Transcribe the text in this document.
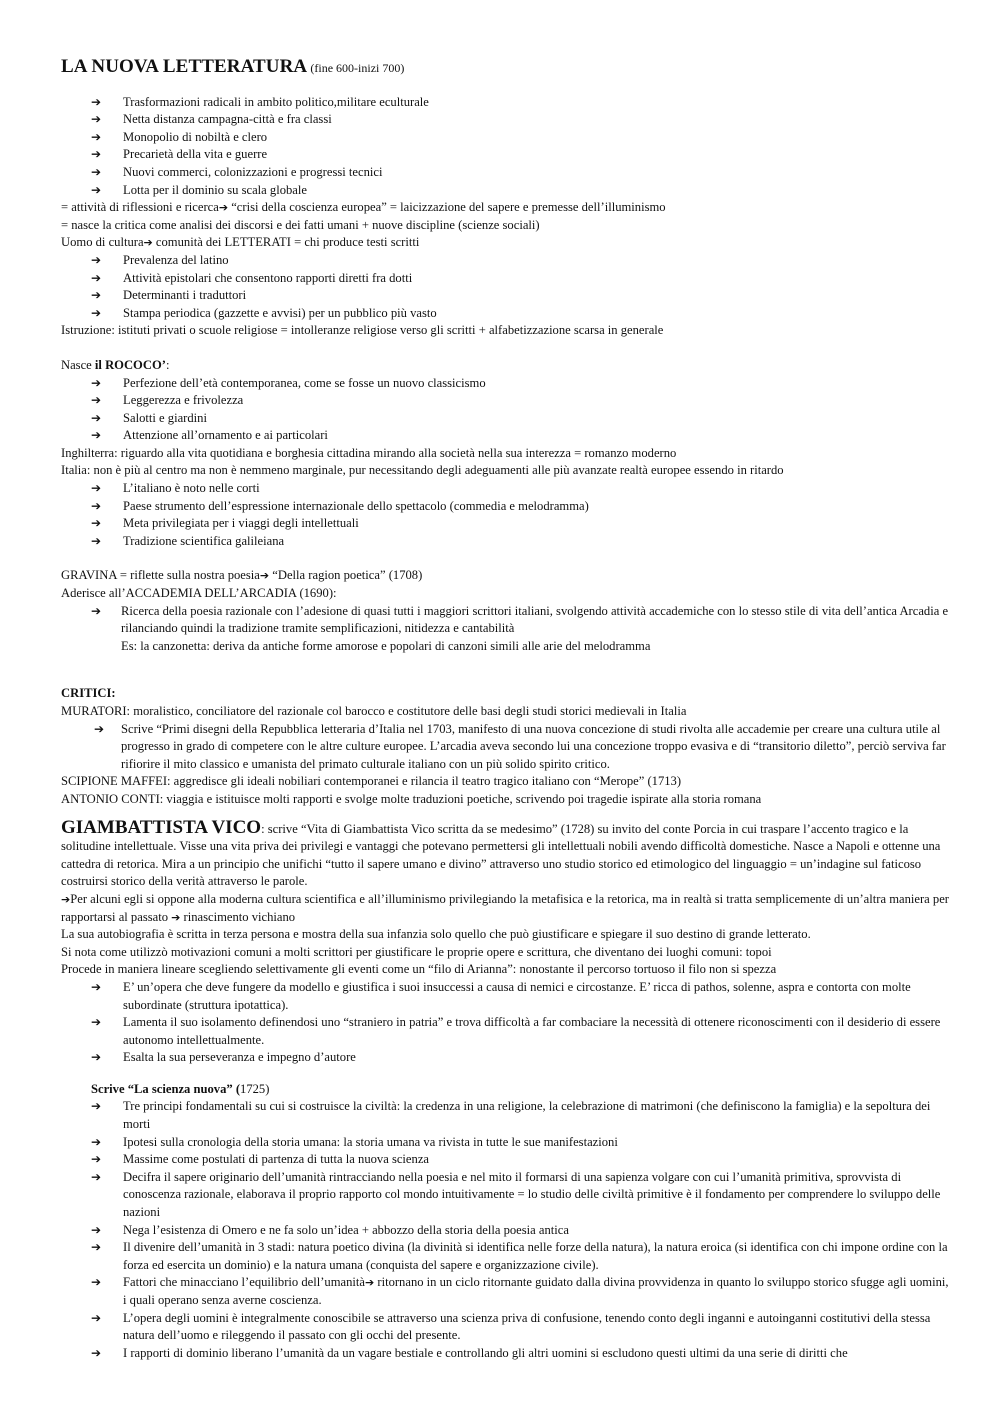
LA NUOVA LETTERATURA (fine 600-inizi 700)
➔ Trasformazioni radicali in ambito politico,militare eculturale
➔ Netta distanza campagna-città e fra classi
➔ Monopolio di nobiltà e clero
➔ Precarietà della vita e guerre
➔ Nuovi commerci, colonizzazioni e progressi tecnici
➔ Lotta per il dominio su scala globale

= attività di riflessioni e ricerca➔ “crisi della coscienza europea” = laicizzazione del sapere e premesse dell’illuminismo

= nasce la critica come analisi dei discorsi e dei fatti umani + nuove discipline (scienze sociali)

Uomo di cultura➔ comunità dei LETTERATI = chi produce testi scritti

➔ Prevalenza del latino
➔ Attività epistolari che consentono rapporti diretti fra dotti
➔ Determinanti i traduttori
➔ Stampa periodica (gazzette e avvisi) per un pubblico più vasto

Istruzione: istituti privati o scuole religiose = intolleranze religiose verso gli scritti + alfabetizzazione scarsa in generale

Nasce il ROCOCO’:

➔ Perfezione dell’età contemporanea, come se fosse un nuovo classicismo
➔ Leggerezza e frivolezza
➔ Salotti e giardini
➔ Attenzione all’ornamento e ai particolari

Inghilterra: riguardo alla vita quotidiana e borghesia cittadina mirando alla società nella sua interezza = romanzo moderno

Italia: non è più al centro ma non è nemmeno marginale, pur necessitando degli adeguamenti alle più avanzate realtà europee essendo in ritardo

➔ L’italiano è noto nelle corti
➔ Paese strumento dell’espressione internazionale dello spettacolo (commedia e melodramma)
➔ Meta privilegiata per i viaggi degli intellettuali
➔ Tradizione scientifica galileiana

GRAVINA = riflette sulla nostra poesia➔ “Della ragion poetica” (1708)

Aderisce all’ACCADEMIA DELL’ARCADIA (1690):

➔ Ricerca della poesia razionale con l’adesione di quasi tutti i maggiori scrittori italiani, svolgendo attività accademiche con lo stesso stile di vita dell’antica Arcadia e rilanciando quindi la tradizione tramite semplificazioni, nitidezza e cantabilità

Es: la canzonetta: deriva da antiche forme amorose e popolari di canzoni simili alle arie del melodramma

CRITICI:

MURATORI: moralistico, conciliatore del razionale col barocco e costitutore delle basi degli studi storici medievali in Italia

➔ Scrive “Primi disegni della Repubblica letteraria d’Italia nel 1703, manifesto di una nuova concezione di studi rivolta alle accademie per creare una cultura utile al progresso in grado di competere con le altre culture europee. L’arcadia aveva secondo lui una concezione troppo evasiva e di “transitorio diletto”, perciò serviva far rifiorire il mito classico e umanista del primato culturale italiano con un più solido spirito critico.

SCIPIONE MAFFEI: aggredisce gli ideali nobiliari contemporanei e rilancia il teatro tragico italiano con “Merope” (1713)

ANTONIO CONTI: viaggia e istituisce molti rapporti e svolge molte traduzioni poetiche, scrivendo poi tragedie ispirate alla storia romana

GIAMBATTISTA VICO: scrive “Vita di Giambattista Vico scritta da se medesimo” (1728) su invito del conte Porcia in cui traspare l’accento tragico e la solitudine intellettuale. Visse una vita priva dei privilegi e vantaggi che potevano permettersi gli intellettuali nobili avendo difficoltà domestiche. Nasce a Napoli e ottenne una cattedra di retorica. Mira a un principio che unifichi “tutto il sapere umano e divino” attraverso uno studio storico ed etimologico del linguaggio = un’indagine sul faticoso costruirsi storico della verità attraverso le parole.

➔Per alcuni egli si oppone alla moderna cultura scientifica e all’illuminismo privilegiando la metafisica e la retorica, ma in realtà si tratta semplicemente di un’altra maniera per rapportarsi al passato ➔ rinascimento vichiano

La sua autobiografia è scritta in terza persona e mostra della sua infanzia solo quello che può giustificare e spiegare il suo destino di grande letterato.

Si nota come utilizzò motivazioni comuni a molti scrittori per giustificare le proprie opere e scrittura, che diventano dei luoghi comuni: topoi

Procede in maniera lineare scegliendo selettivamente gli eventi come un “filo di Arianna”: nonostante il percorso tortuoso il filo non si spezza

➔ E’ un’opera che deve fungere da modello e giustifica i suoi insuccessi a causa di nemici e circostanze. E’ ricca di pathos, solenne, aspra e contorta con molte subordinate (struttura ipotattica).
➔ Lamenta il suo isolamento definendosi uno “straniero in patria” e trova difficoltà a far combaciare la necessità di ottenere riconoscimenti con il desiderio di essere autonomo intellettualmente.
➔ Esalta la sua perseveranza e impegno d’autore

Scrive “La scienza nuova” (1725)

➔ Tre principi fondamentali su cui si costruisce la civiltà: la credenza in una religione, la celebrazione di matrimoni (che definiscono la famiglia) e la sepoltura dei morti
➔ Ipotesi sulla cronologia della storia umana: la storia umana va rivista in tutte le sue manifestazioni
➔ Massime come postulati di partenza di tutta la nuova scienza
➔ Decifra il sapere originario dell’umanità rintracciando nella poesia e nel mito il formarsi di una sapienza volgare con cui l’umanità primitiva, sprovvista di conoscenza razionale, elaborava il proprio rapporto col mondo intuitivamente = lo studio delle civiltà primitive è il fondamento per comprendere lo sviluppo delle nazioni
➔ Nega l’esistenza di Omero e ne fa solo un’idea + abbozzo della storia della poesia antica
➔ Il divenire dell’umanità in 3 stadi: natura poetico divina (la divinità si identifica nelle forze della natura), la natura eroica (si identifica con chi impone ordine con la forza ed esercita un dominio) e la natura umana (conquista del sapere e organizzazione civile).
➔ Fattori che minacciano l’equilibrio dell’umanità➔ ritornano in un ciclo ritornante guidato dalla divina provvidenza in quanto lo sviluppo storico sfugge agli uomini, i quali operano senza averne coscienza.
➔ L’opera degli uomini è integralmente conoscibile se attraverso una scienza priva di confusione, tenendo conto degli inganni e autoinganni costitutivi della stessa natura dell’uomo e rileggendo il passato con gli occhi del presente.
➔ I rapporti di dominio liberano l’umanità da un vagare bestiale e controllando gli altri uomini si escludono questi ultimi da una serie di diritti che
